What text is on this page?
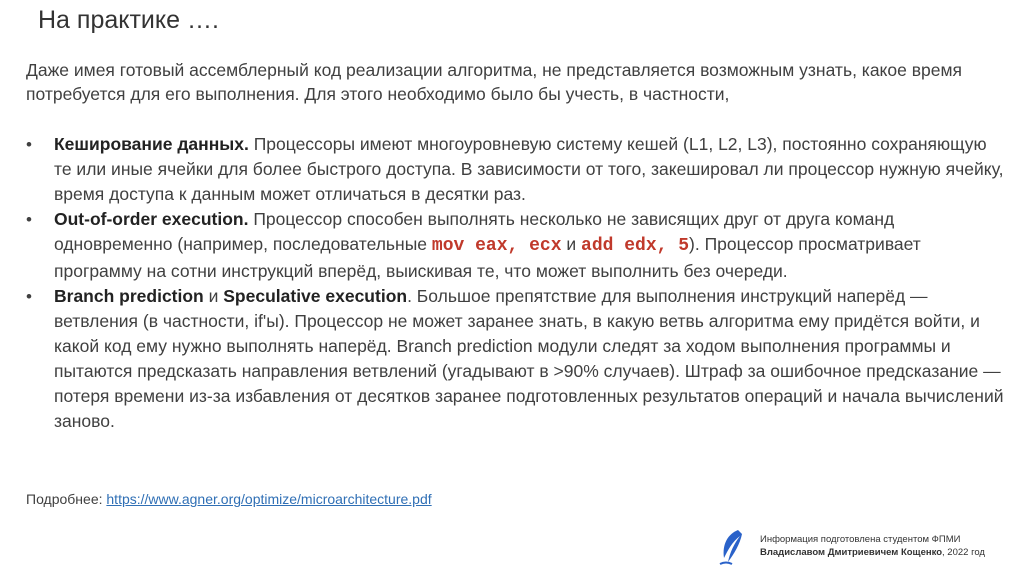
На практике ….

Даже имея готовый ассемблерный код реализации алгоритма, не представляется возможным узнать, какое время потребуется для его выполнения. Для этого необходимо было бы учесть, в частности,

• Кеширование данных. Процессоры имеют многоуровневую систему кешей (L1, L2, L3), постоянно сохраняющую те или иные ячейки для более быстрого доступа. В зависимости от того, закешировал ли процессор нужную ячейку, время доступа к данным может отличаться в десятки раз.
• Out-of-order execution. Процессор способен выполнять несколько не зависящих друг от друга команд одновременно (например, последовательные mov eax, ecx и add edx, 5). Процессор просматривает программу на сотни инструкций вперёд, выискивая те, что может выполнить без очереди.
• Branch prediction и Speculative execution. Большое препятствие для выполнения инструкций наперёд — ветвления (в частности, if'ы). Процессор не может заранее знать, в какую ветвь алгоритма ему придётся войти, и какой код ему нужно выполнять наперёд. Branch prediction модули следят за ходом выполнения программы и пытаются предсказать направления ветвлений (угадывают в >90% случаев). Штраф за ошибочное предсказание — потеря времени из-за избавления от десятков заранее подготовленных результатов операций и начала вычислений заново.
Подробнее: https://www.agner.org/optimize/microarchitecture.pdf
Информация подготовлена студентом ФПМИ
Владиславом Дмитриевичем Кощенко, 2022 год
